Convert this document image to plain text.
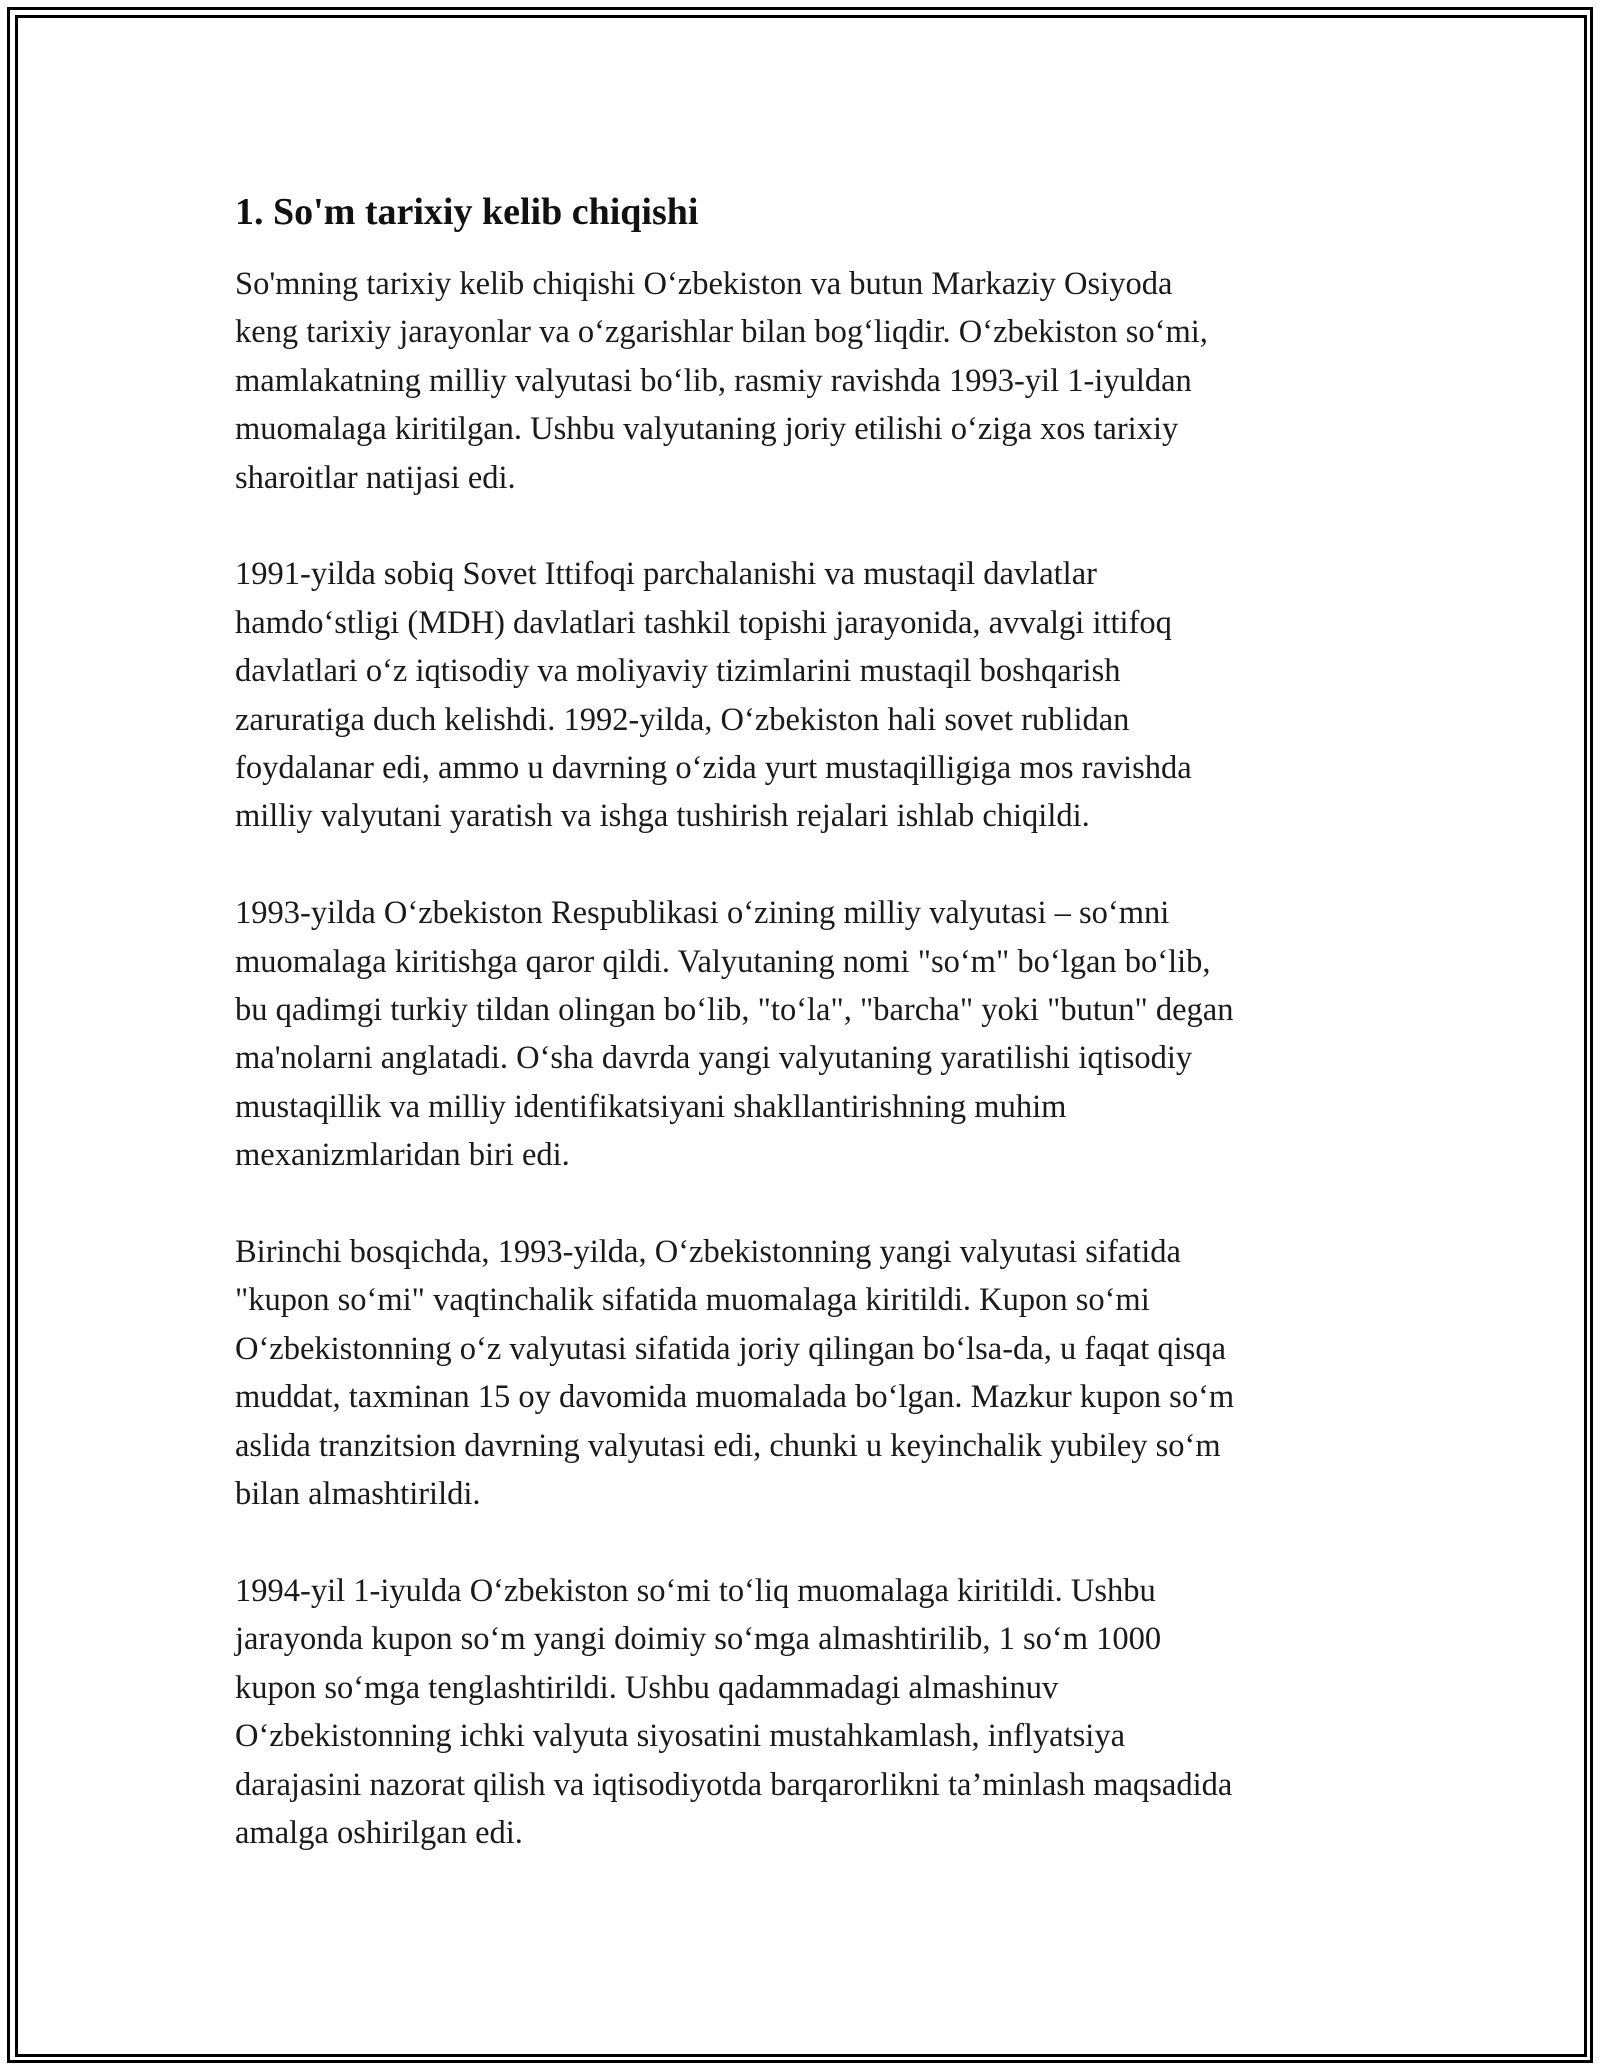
1. So'm tarixiy kelib chiqishi

So'mning tarixiy kelib chiqishi O‘zbekiston va butun Markaziy Osiyoda
keng tarixiy jarayonlar va o‘zgarishlar bilan bog‘liqdir. O‘zbekiston so‘mi,
mamlakatning milliy valyutasi bo‘lib, rasmiy ravishda 1993-yil 1-iyuldan
muomalaga kiritilgan. Ushbu valyutaning joriy etilishi o‘ziga xos tarixiy
sharoitlar natijasi edi.

1991-yilda sobiq Sovet Ittifoqi parchalanishi va mustaqil davlatlar
hamdo‘stligi (MDH) davlatlari tashkil topishi jarayonida, avvalgi ittifoq
davlatlari o‘z iqtisodiy va moliyaviy tizimlarini mustaqil boshqarish
zaruratiga duch kelishdi. 1992-yilda, O‘zbekiston hali sovet rublidan
foydalanar edi, ammo u davrning o‘zida yurt mustaqilligiga mos ravishda
milliy valyutani yaratish va ishga tushirish rejalari ishlab chiqildi.

1993-yilda O‘zbekiston Respublikasi o‘zining milliy valyutasi – so‘mni
muomalaga kiritishga qaror qildi. Valyutaning nomi "so‘m" bo‘lgan bo‘lib,
bu qadimgi turkiy tildan olingan bo‘lib, "to‘la", "barcha" yoki "butun" degan
ma'nolarni anglatadi. O‘sha davrda yangi valyutaning yaratilishi iqtisodiy
mustaqillik va milliy identifikatsiyani shakllantirishning muhim
mexanizmlaridan biri edi.

Birinchi bosqichda, 1993-yilda, O‘zbekistonning yangi valyutasi sifatida
"kupon so‘mi" vaqtinchalik sifatida muomalaga kiritildi. Kupon so‘mi
O‘zbekistonning o‘z valyutasi sifatida joriy qilingan bo‘lsa-da, u faqat qisqa
muddat, taxminan 15 oy davomida muomalada bo‘lgan. Mazkur kupon so‘m
aslida tranzitsion davrning valyutasi edi, chunki u keyinchalik yubiley so‘m
bilan almashtirildi.

1994-yil 1-iyulda O‘zbekiston so‘mi to‘liq muomalaga kiritildi. Ushbu
jarayonda kupon so‘m yangi doimiy so‘mga almashtirilib, 1 so‘m 1000
kupon so‘mga tenglashtirildi. Ushbu qadammadagi almashinuv
O‘zbekistonning ichki valyuta siyosatini mustahkamlash, inflyatsiya
darajasini nazorat qilish va iqtisodiyotda barqarorlikni ta’minlash maqsadida
amalga oshirilgan edi.
